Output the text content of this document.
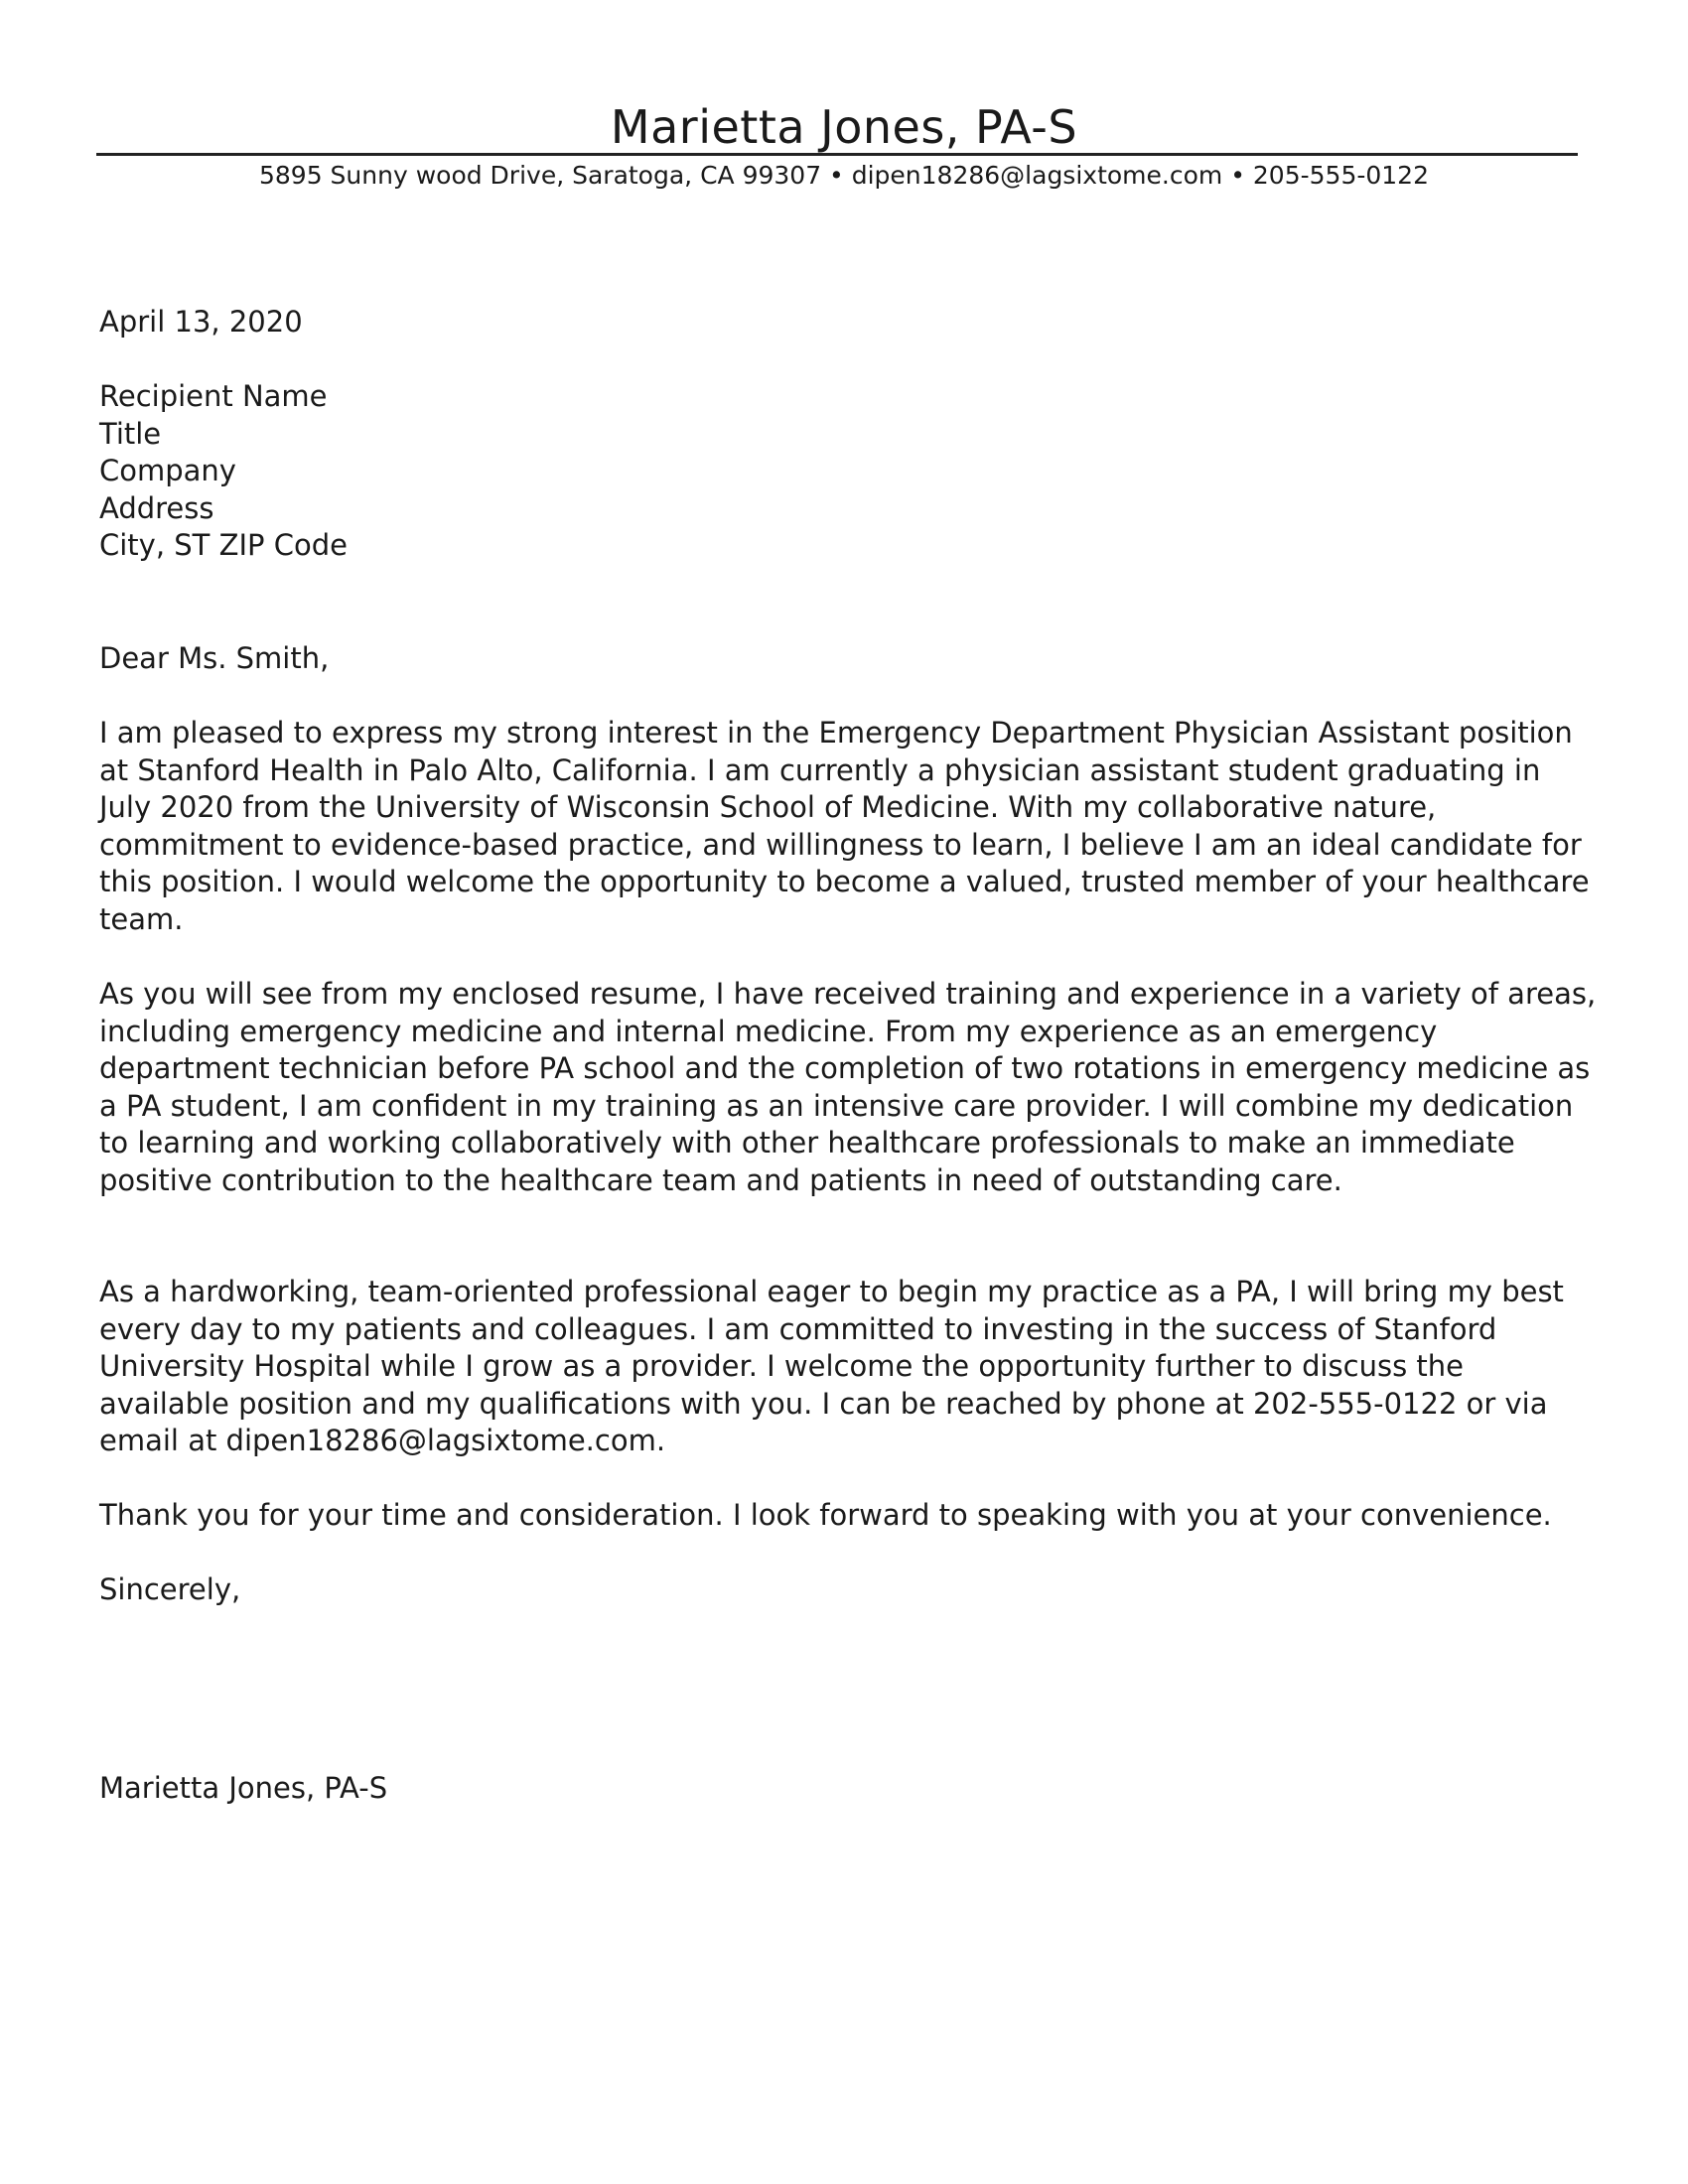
Marietta Jones, PA-S
5895 Sunny wood Drive, Saratoga, CA 99307 • dipen18286@lagsixtome.com • 205-555-0122
April 13, 2020
Recipient Name
Title
Company
Address
City, ST ZIP Code
Dear Ms. Smith,
I am pleased to express my strong interest in the Emergency Department Physician Assistant position at Stanford Health in Palo Alto, California. I am currently a physician assistant student graduating in July 2020 from the University of Wisconsin School of Medicine. With my collaborative nature, commitment to evidence-based practice, and willingness to learn, I believe I am an ideal candidate for this position. I would welcome the opportunity to become a valued, trusted member of your healthcare team.
As you will see from my enclosed resume, I have received training and experience in a variety of areas, including emergency medicine and internal medicine. From my experience as an emergency department technician before PA school and the completion of two rotations in emergency medicine as a PA student, I am confident in my training as an intensive care provider. I will combine my dedication to learning and working collaboratively with other healthcare professionals to make an immediate positive contribution to the healthcare team and patients in need of outstanding care.
As a hardworking, team-oriented professional eager to begin my practice as a PA, I will bring my best every day to my patients and colleagues. I am committed to investing in the success of Stanford University Hospital while I grow as a provider. I welcome the opportunity further to discuss the available position and my qualifications with you. I can be reached by phone at 202-555-0122 or via email at dipen18286@lagsixtome.com.
Thank you for your time and consideration. I look forward to speaking with you at your convenience.
Sincerely,
Marietta Jones, PA-S
